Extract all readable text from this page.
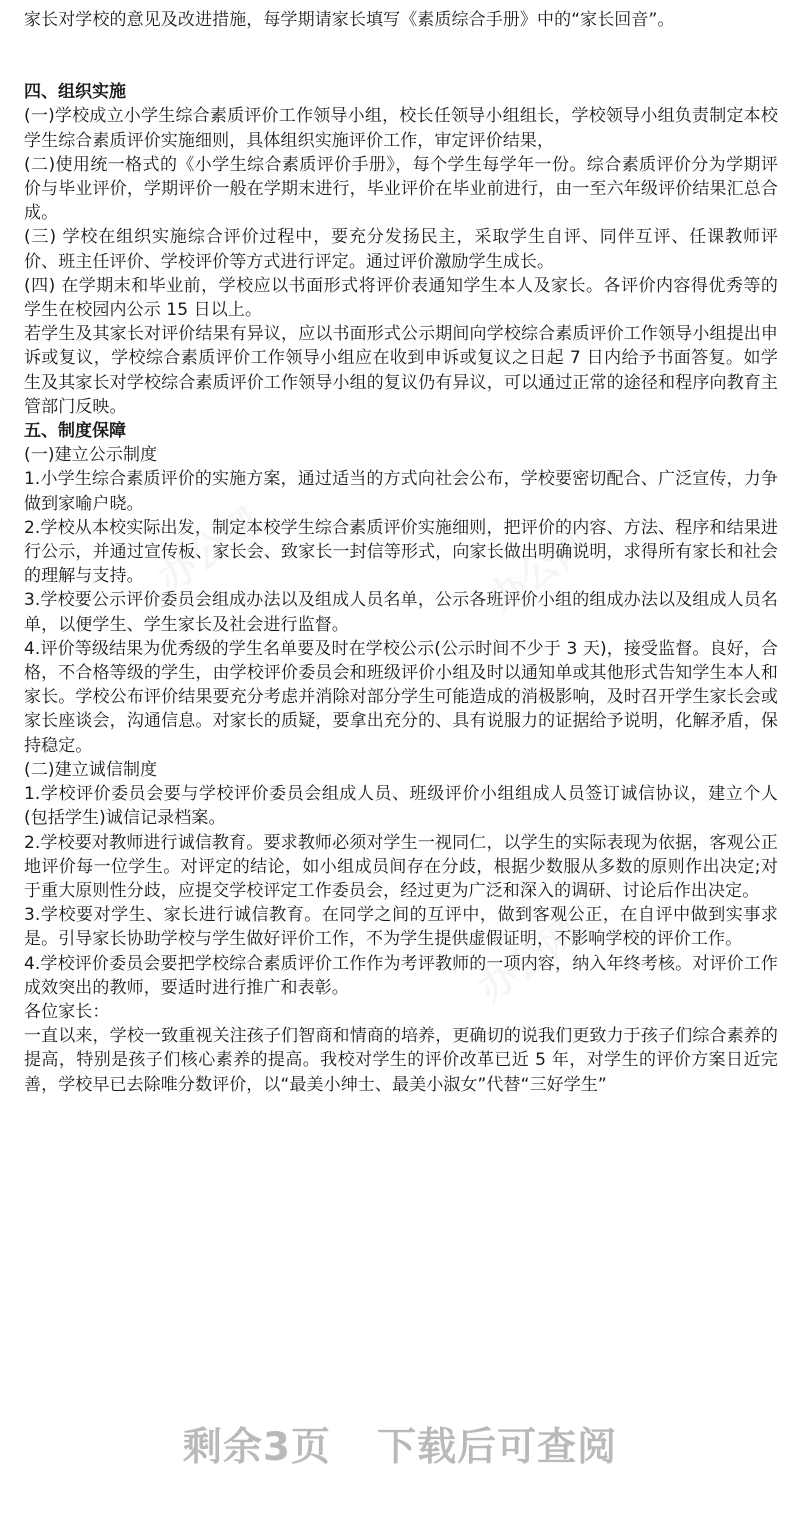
办公网	办公网
办公网

家长对学校的意见及改进措施，每学期请家长填写《素质综合手册》中的“家长回音”。

四、组织实施

(一)学校成立小学生综合素质评价工作领导小组，校长任领导小组组长，学校领导小组负责制定本校学生综合素质评价实施细则，具体组织实施评价工作，审定评价结果，

(二)使用统一格式的《小学生综合素质评价手册》，每个学生每学年一份。综合素质评价分为学期评价与毕业评价，学期评价一般在学期末进行，毕业评价在毕业前进行，由一至六年级评价结果汇总合成。

(三) 学校在组织实施综合评价过程中，要充分发扬民主，采取学生自评、同伴互评、任课教师评价、班主任评价、学校评价等方式进行评定。通过评价激励学生成长。

(四) 在学期末和毕业前，学校应以书面形式将评价表通知学生本人及家长。各评价内容得优秀等的学生在校园内公示 15 日以上。

若学生及其家长对评价结果有异议，应以书面形式公示期间向学校综合素质评价工作领导小组提出申诉或复议，学校综合素质评价工作领导小组应在收到申诉或复议之日起 7 日内给予书面答复。如学生及其家长对学校综合素质评价工作领导小组的复议仍有异议，可以通过正常的途径和程序向教育主管部门反映。

五、制度保障

(一)建立公示制度

1.小学生综合素质评价的实施方案，通过适当的方式向社会公布，学校要密切配合、广泛宣传，力争做到家喻户晓。

2.学校从本校实际出发，制定本校学生综合素质评价实施细则，把评价的内容、方法、程序和结果进行公示，并通过宣传板、家长会、致家长一封信等形式，向家长做出明确说明，求得所有家长和社会的理解与支持。

3.学校要公示评价委员会组成办法以及组成人员名单，公示各班评价小组的组成办法以及组成人员名单，以便学生、学生家长及社会进行监督。

4.评价等级结果为优秀级的学生名单要及时在学校公示(公示时间不少于 3 天)，接受监督。良好，合格，不合格等级的学生，由学校评价委员会和班级评价小组及时以通知单或其他形式告知学生本人和家长。学校公布评价结果要充分考虑并消除对部分学生可能造成的消极影响，及时召开学生家长会或家长座谈会，沟通信息。对家长的质疑，要拿出充分的、具有说服力的证据给予说明，化解矛盾，保持稳定。

(二)建立诚信制度

1.学校评价委员会要与学校评价委员会组成人员、班级评价小组组成人员签订诚信协议，建立个人(包括学生)诚信记录档案。

2.学校要对教师进行诚信教育。要求教师必须对学生一视同仁，以学生的实际表现为依据，客观公正地评价每一位学生。对评定的结论，如小组成员间存在分歧，根据少数服从多数的原则作出决定;对于重大原则性分歧，应提交学校评定工作委员会，经过更为广泛和深入的调研、讨论后作出决定。

3.学校要对学生、家长进行诚信教育。在同学之间的互评中，做到客观公正，在自评中做到实事求是。引导家长协助学校与学生做好评价工作，不为学生提供虚假证明，不影响学校的评价工作。

4.学校评价委员会要把学校综合素质评价工作作为考评教师的一项内容，纳入年终考核。对评价工作成效突出的教师，要适时进行推广和表彰。

各位家长：

一直以来，学校一致重视关注孩子们智商和情商的培养，更确切的说我们更致力于孩子们综合素养的提高，特别是孩子们核心素养的提高。我校对学生的评价改革已近 5 年，对学生的评价方案日近完善，学校早已去除唯分数评价，以“最美小绅士、最美小淑女”代替“三好学生”

剩余3页 下载后可查阅
